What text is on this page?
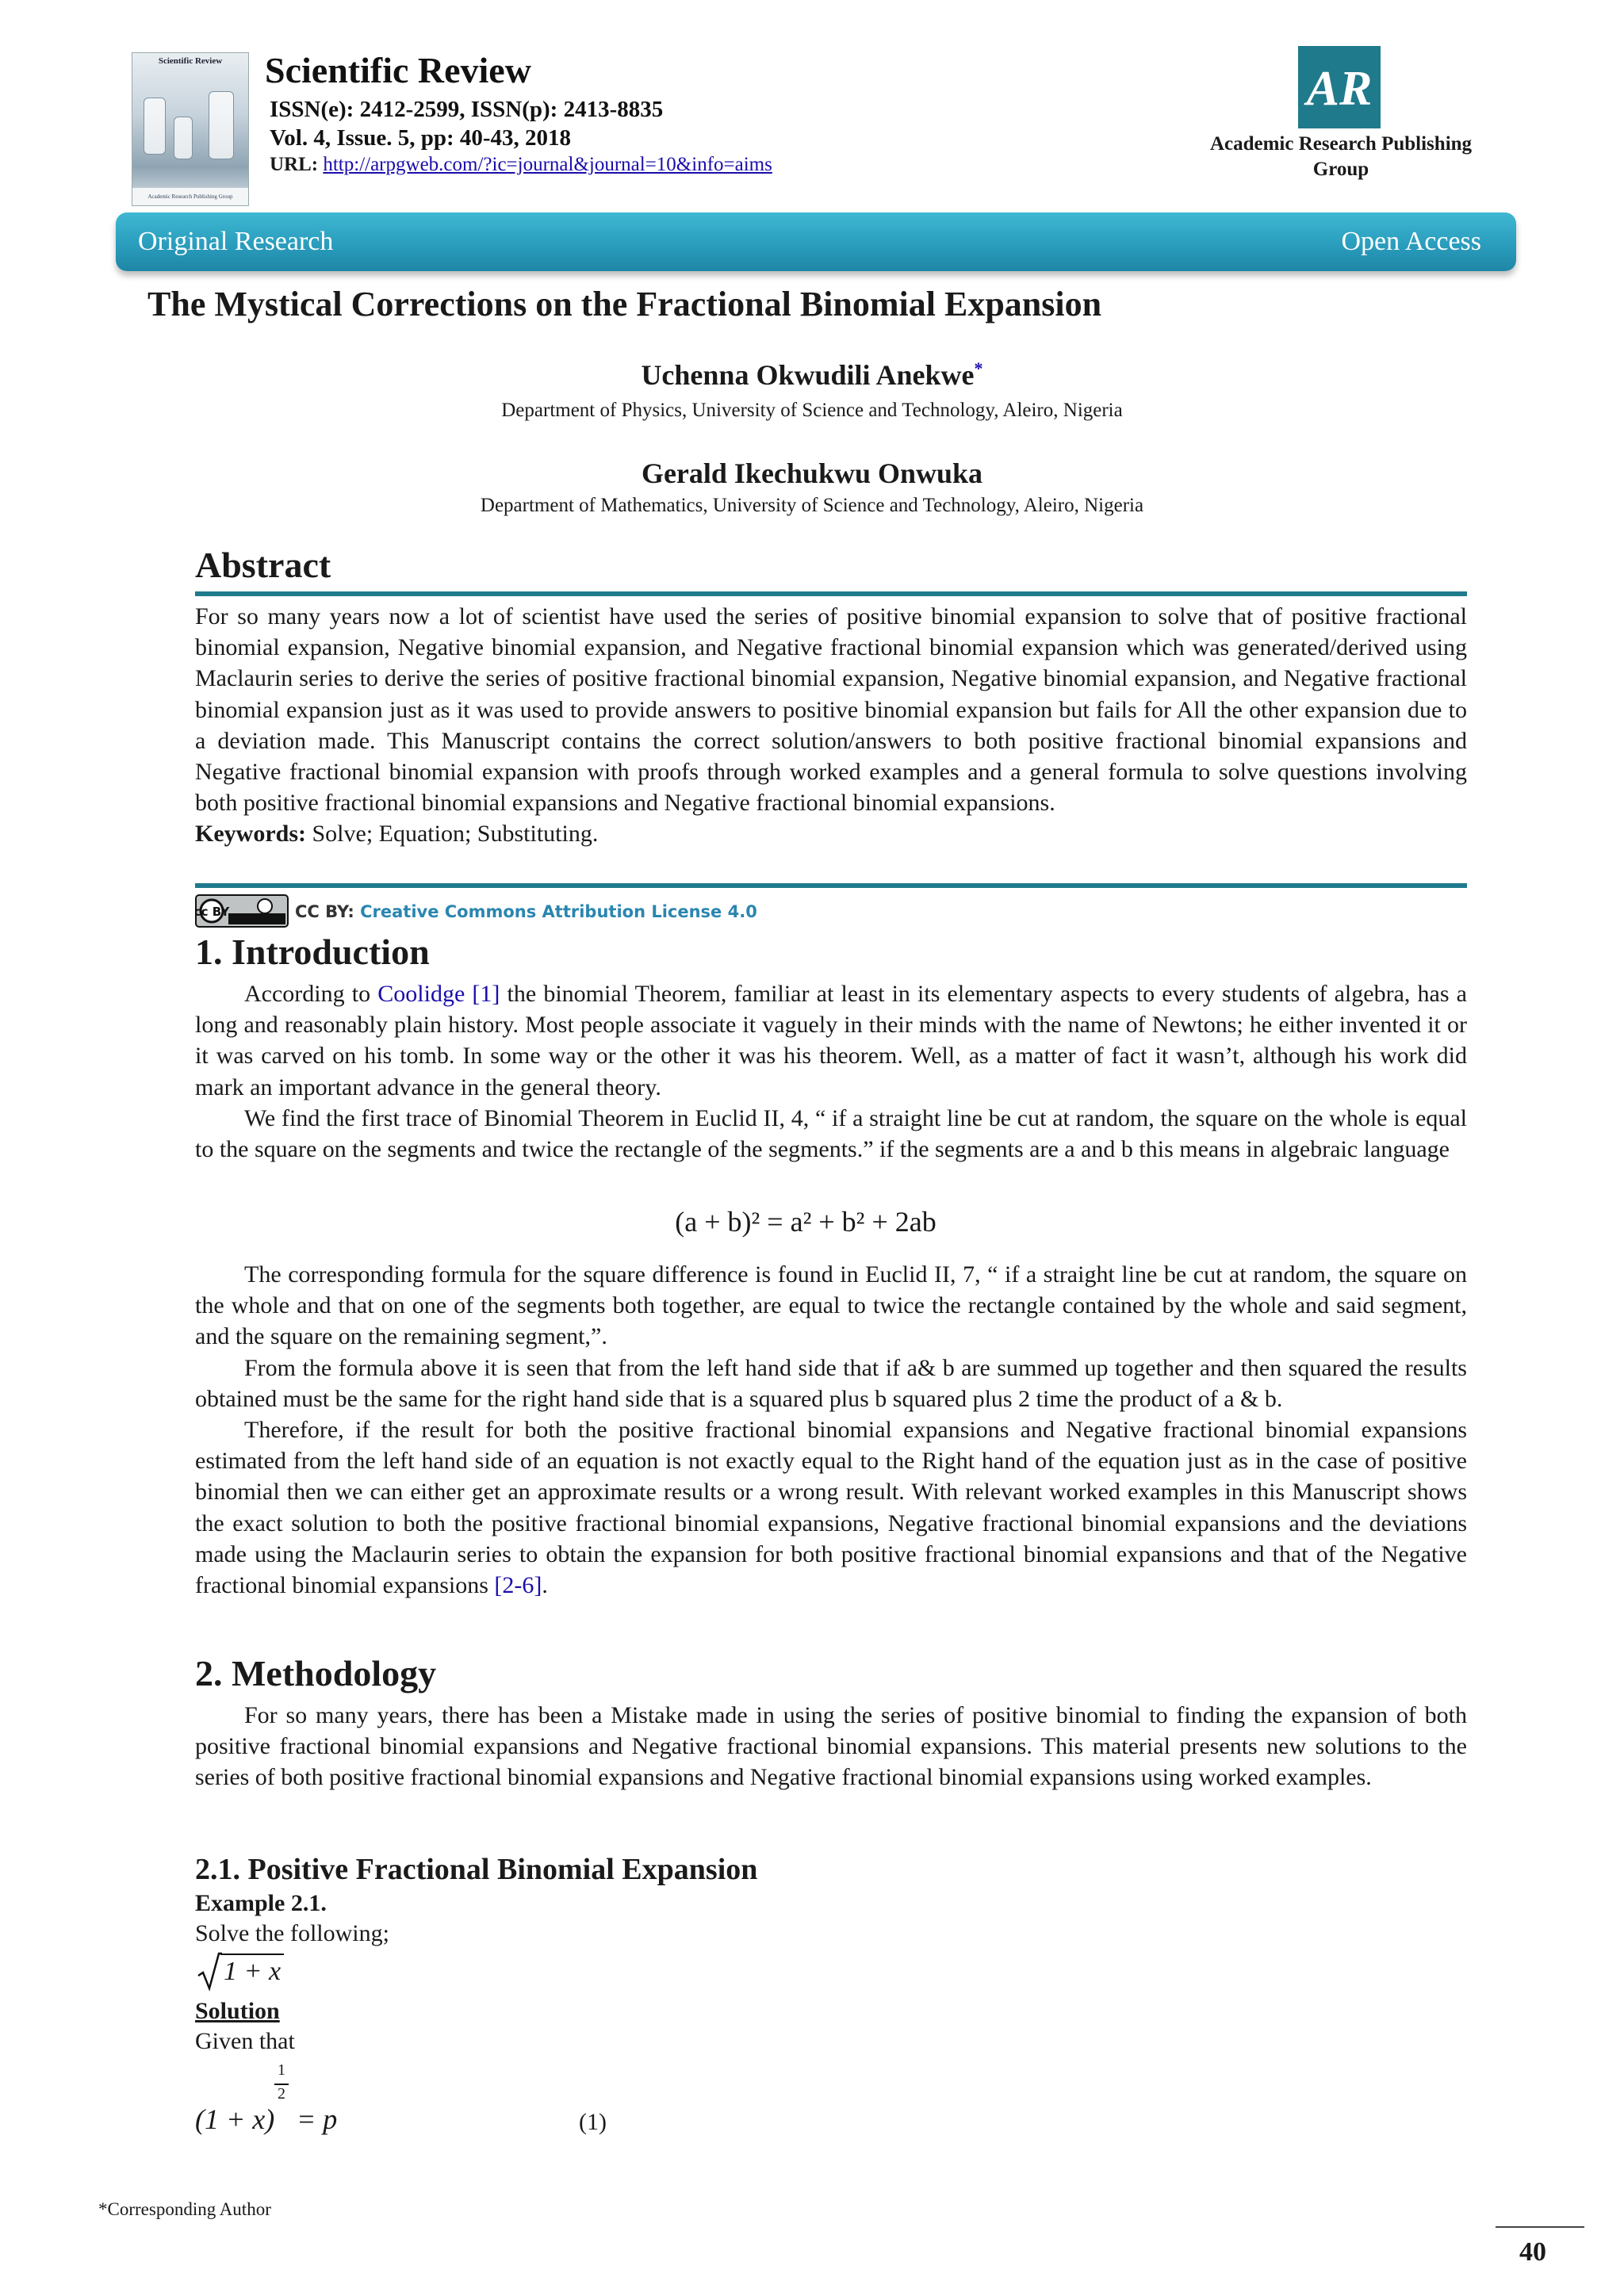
Scientific Review
Academic Research Publishing Group
Scientific Review
ISSN(e): 2412-2599, ISSN(p): 2413-8835
Vol. 4, Issue. 5, pp: 40-43, 2018
URL: http://arpgweb.com/?ic=journal&journal=10&info=aims
AR
Academic Research Publishing Group
Original Research	Open Access
The Mystical Corrections on the Fractional Binomial Expansion
Uchenna Okwudili Anekwe*
Department of Physics, University of Science and Technology, Aleiro, Nigeria
Gerald Ikechukwu Onwuka
Department of Mathematics, University of Science and Technology, Aleiro, Nigeria
Abstract

For so many years now a lot of scientist have used the series of positive binomial expansion to solve that of positive fractional binomial expansion, Negative binomial expansion, and Negative fractional binomial expansion which was generated/derived using Maclaurin series to derive the series of positive fractional binomial expansion, Negative binomial expansion, and Negative fractional binomial expansion just as it was used to provide answers to positive binomial expansion but fails for All the other expansion due to a deviation made. This Manuscript contains the correct solution/answers to both positive fractional binomial expansions and Negative fractional binomial expansion with proofs through worked examples and a general formula to solve questions involving both positive fractional binomial expansions and Negative fractional binomial expansions.

Keywords: Solve; Equation; Substituting.

cc BY	CC BY: Creative Commons Attribution License 4.0
1. Introduction

According to Coolidge [1] the binomial Theorem, familiar at least in its elementary aspects to every students of algebra, has a long and reasonably plain history. Most people associate it vaguely in their minds with the name of Newtons; he either invented it or it was carved on his tomb. In some way or the other it was his theorem. Well, as a matter of fact it wasn’t, although his work did mark an important advance in the general theory.

We find the first trace of Binomial Theorem in Euclid II, 4, “ if a straight line be cut at random, the square on the whole is equal to the square on the segments and twice the rectangle of the segments.” if the segments are a and b this means in algebraic language

(a + b)² = a² + b² + 2ab

The corresponding formula for the square difference is found in Euclid II, 7, “ if a straight line be cut at random, the square on the whole and that on one of the segments both together, are equal to twice the rectangle contained by the whole and said segment, and the square on the remaining segment,”.

From the formula above it is seen that from the left hand side that if a& b are summed up together and then squared the results obtained must be the same for the right hand side that is a squared plus b squared plus 2 time the product of a & b.

Therefore, if the result for both the positive fractional binomial expansions and Negative fractional binomial expansions estimated from the left hand side of an equation is not exactly equal to the Right hand of the equation just as in the case of positive binomial then we can either get an approximate results or a wrong result. With relevant worked examples in this Manuscript shows the exact solution to both the positive fractional binomial expansions, Negative fractional binomial expansions and the deviations made using the Maclaurin series to obtain the expansion for both positive fractional binomial expansions and that of the Negative fractional binomial expansions [2-6].

2. Methodology

For so many years, there has been a Mistake made in using the series of positive binomial to finding the expansion of both positive fractional binomial expansions and Negative fractional binomial expansions. This material presents new solutions to the series of both positive fractional binomial expansions and Negative fractional binomial expansions using worked examples.

2.1. Positive Fractional Binomial Expansion
Example 2.1.
Solve the following;
1 + x
Solution
Given that
(1 + x)
1
2
= p	(1)
*Corresponding Author
40
